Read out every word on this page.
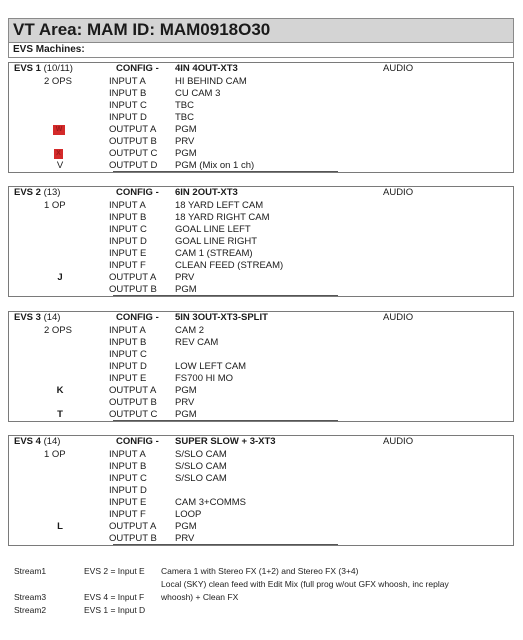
VT Area: MAM ID: MAM0918O30
EVS Machines:
EVS 1 (10/11)	CONFIG - 4IN 4OUT-XT3	AUDIO
2 OPS	INPUT A	HI BEHIND CAM
INPUT B	CU CAM 3
INPUT C	TBC
INPUT D	TBC
W	OUTPUT A PGM
OUTPUT B PRV
X	OUTPUT C PGM
V	OUTPUT D PGM (Mix on 1 ch)
EVS 2 (13)	CONFIG - 6IN 2OUT-XT3	AUDIO
1 OP	INPUT A	18 YARD LEFT CAM
INPUT B	18 YARD RIGHT CAM
INPUT C	GOAL LINE LEFT
INPUT D	GOAL LINE RIGHT
INPUT E	CAM 1 (STREAM)
INPUT F	CLEAN FEED (STREAM)
J	OUTPUT A PRV
OUTPUT B PGM
EVS 3 (14)	CONFIG - 5IN 3OUT-XT3-SPLIT	AUDIO
2 OPS	INPUT A	CAM 2
INPUT B	REV CAM
INPUT C
INPUT D	LOW LEFT CAM
INPUT E	FS700 HI MO
K	OUTPUT A PGM
OUTPUT B PRV
T	OUTPUT C PGM
EVS 4 (14)	CONFIG - SUPER SLOW + 3-XT3	AUDIO
1 OP	INPUT A	S/SLO CAM
INPUT B	S/SLO CAM
INPUT C	S/SLO CAM
INPUT D
INPUT E	CAM 3+COMMS
INPUT F	LOOP
L	OUTPUT A PGM
OUTPUT B PRV
Stream1	EVS 2 = Input E Camera 1 with Stereo FX (1+2) and Stereo FX (3+4)
Local (SKY) clean feed with Edit Mix (full prog w/out GFX whoosh, inc replay
Stream3	EVS 4 = Input F whoosh) + Clean FX
Stream2	EVS 1 = Input D
